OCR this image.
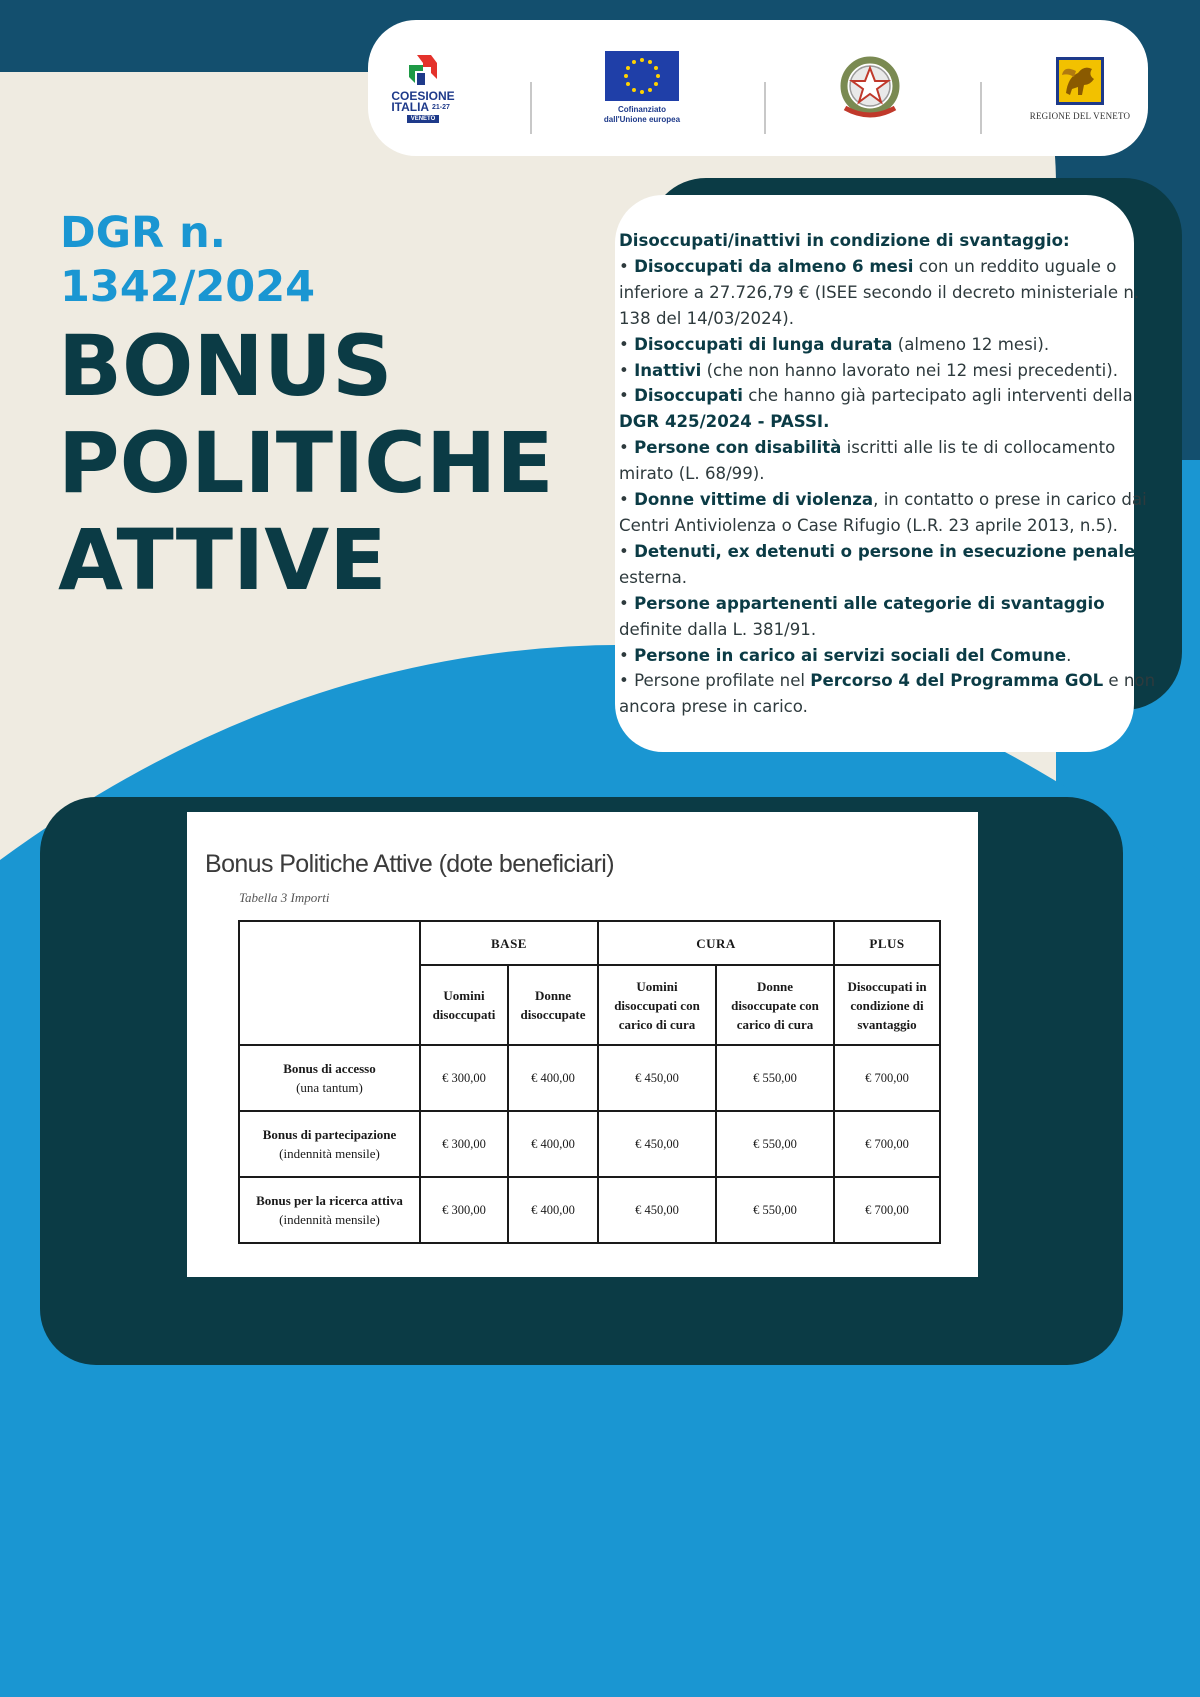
COESIONE
ITALIA $^{21-27}$
VENETO
Cofinanziato
dall'Unione europea	REGIONE DEL VENETO
DGR n.
1342/2024
BONUS
POLITICHE
ATTIVE
Disoccupati/inattivi in condizione di svantaggio:
• Disoccupati da almeno 6 mesi con un reddito uguale o
inferiore a 27.726,79 € (ISEE secondo il decreto ministeriale n.
138 del 14/03/2024).
• Disoccupati di lunga durata (almeno 12 mesi).
• Inattivi (che non hanno lavorato nei 12 mesi precedenti).
• Disoccupati che hanno già partecipato agli interventi della
DGR 425/2024 - PASSI.
• Persone con disabilità iscritti alle lis te di collocamento
mirato (L. 68/99).
• Donne vittime di violenza, in contatto o prese in carico dai
Centri Antiviolenza o Case Rifugio (L.R. 23 aprile 2013, n.5).
• Detenuti, ex detenuti o persone in esecuzione penale
esterna.
• Persone appartenenti alle categorie di svantaggio
definite dalla L. 381/91.
• Persone in carico ai servizi sociali del Comune.
• Persone profilate nel Percorso 4 del Programma GOL e non
ancora prese in carico.
Bonus Politiche Attive (dote beneficiari)
Tabella 3 Importi
	BASE		CURA		PLUS
	Uomini
disoccupati	Donne
disoccupate	Uomini
disoccupati con
carico di cura	Donne
disoccupate con
carico di cura	Disoccupati in
condizione di
svantaggio

Bonus di accesso
(una tantum)	€ 300,00	€ 400,00	€ 450,00	€ 550,00	€ 700,00

Bonus di partecipazione
(indennità mensile)	€ 300,00	€ 400,00	€ 450,00	€ 550,00	€ 700,00

Bonus per la ricerca attiva
(indennità mensile)	€ 300,00	€ 400,00	€ 450,00	€ 550,00	€ 700,00
